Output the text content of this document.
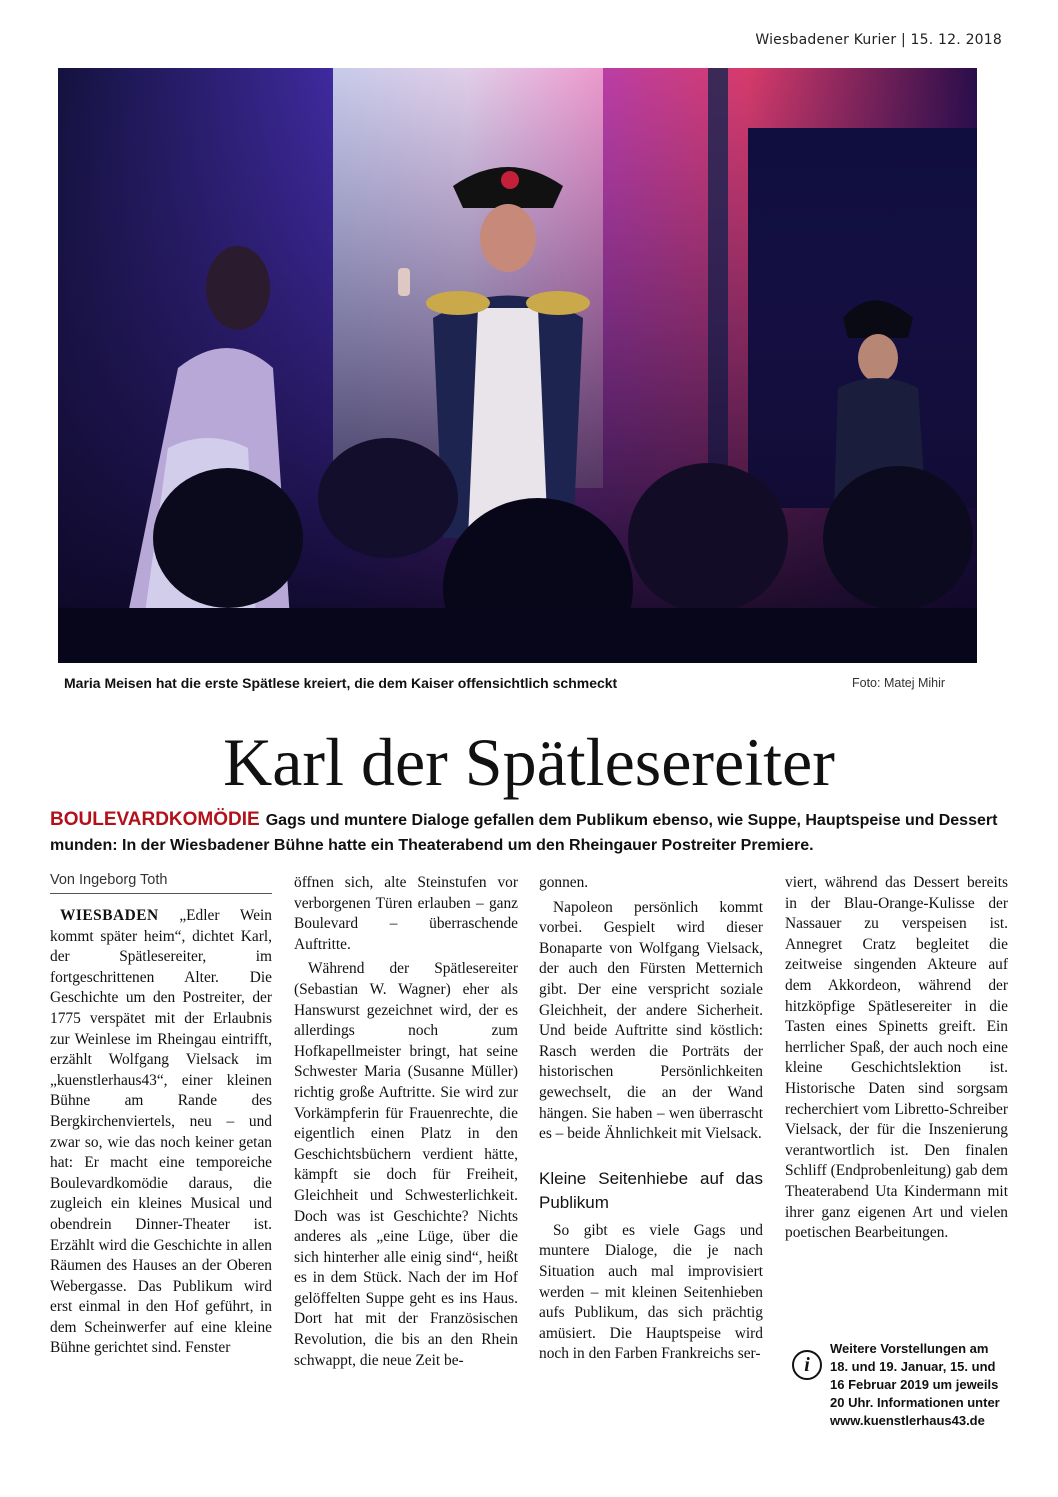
Wiesbadener Kurier | 15. 12. 2018
Maria Meisen hat die erste Spätlese kreiert, die dem Kaiser offensichtlich schmeckt	Foto: Matej Mihir
Karl der Spätlesereiter
BOULEVARDKOMÖDIE Gags und muntere Dialoge gefallen dem Publikum ebenso, wie Suppe, Hauptspeise und Dessert munden: In der Wiesbadener Bühne hatte ein Theaterabend um den Rheingauer Postreiter Premiere.
Von Ingeborg Toth

WIESBADEN „Edler Wein kommt später heim“, dichtet Karl, der Spätlesereiter, im fortgeschrittenen Alter. Die Geschichte um den Postreiter, der 1775 verspätet mit der Erlaubnis zur Weinlese im Rheingau eintrifft, erzählt Wolfgang Vielsack im „kuenstlerhaus43“, einer kleinen Bühne am Rande des Bergkirchenviertels, neu – und zwar so, wie das noch keiner getan hat: Er macht eine temporeiche Boulevardkomödie daraus, die zugleich ein kleines Musical und obendrein Dinner-Theater ist. Erzählt wird die Geschichte in allen Räumen des Hauses an der Oberen Webergasse. Das Publikum wird erst einmal in den Hof geführt, in dem Scheinwerfer auf eine kleine Bühne gerichtet sind. Fenster

öffnen sich, alte Steinstufen vor verborgenen Türen erlauben – ganz Boulevard – überraschende Auftritte.

Während der Spätlesereiter (Sebastian W. Wagner) eher als Hanswurst gezeichnet wird, der es allerdings noch zum Hofkapellmeister bringt, hat seine Schwester Maria (Susanne Müller) richtig große Auftritte. Sie wird zur Vorkämpferin für Frauenrechte, die eigentlich einen Platz in den Geschichtsbüchern verdient hätte, kämpft sie doch für Freiheit, Gleichheit und Schwesterlichkeit. Doch was ist Geschichte? Nichts anderes als „eine Lüge, über die sich hinterher alle einig sind“, heißt es in dem Stück. Nach der im Hof gelöffelten Suppe geht es ins Haus. Dort hat mit der Französischen Revolution, die bis an den Rhein schwappt, die neue Zeit be-

gonnen.

Napoleon persönlich kommt vorbei. Gespielt wird dieser Bonaparte von Wolfgang Vielsack, der auch den Fürsten Metternich gibt. Der eine verspricht soziale Gleichheit, der andere Sicherheit. Und beide Auftritte sind köstlich: Rasch werden die Porträts der historischen Persönlichkeiten gewechselt, die an der Wand hängen. Sie haben – wen überrascht es – beide Ähnlichkeit mit Vielsack.

Kleine Seitenhiebe auf das Publikum

So gibt es viele Gags und muntere Dialoge, die je nach Situation auch mal improvisiert werden – mit kleinen Seitenhieben aufs Publikum, das sich prächtig amüsiert. Die Hauptspeise wird noch in den Farben Frankreichs ser-

viert, während das Dessert bereits in der Blau-Orange-Kulisse der Nassauer zu verspeisen ist. Annegret Cratz begleitet die zeitweise singenden Akteure auf dem Akkordeon, während der hitzköpfige Spätlesereiter in die Tasten eines Spinetts greift. Ein herrlicher Spaß, der auch noch eine kleine Geschichtslektion ist. Historische Daten sind sorgsam recherchiert vom Libretto-Schreiber Vielsack, der für die Inszenierung verantwortlich ist. Den finalen Schliff (Endprobenleitung) gab dem Theaterabend Uta Kindermann mit ihrer ganz eigenen Art und vielen poetischen Bearbeitungen.

i
Weitere Vorstellungen am 18. und 19. Januar, 15. und 16 Februar 2019 um jeweils 20 Uhr. Informationen unter www.kuenstlerhaus43.de
